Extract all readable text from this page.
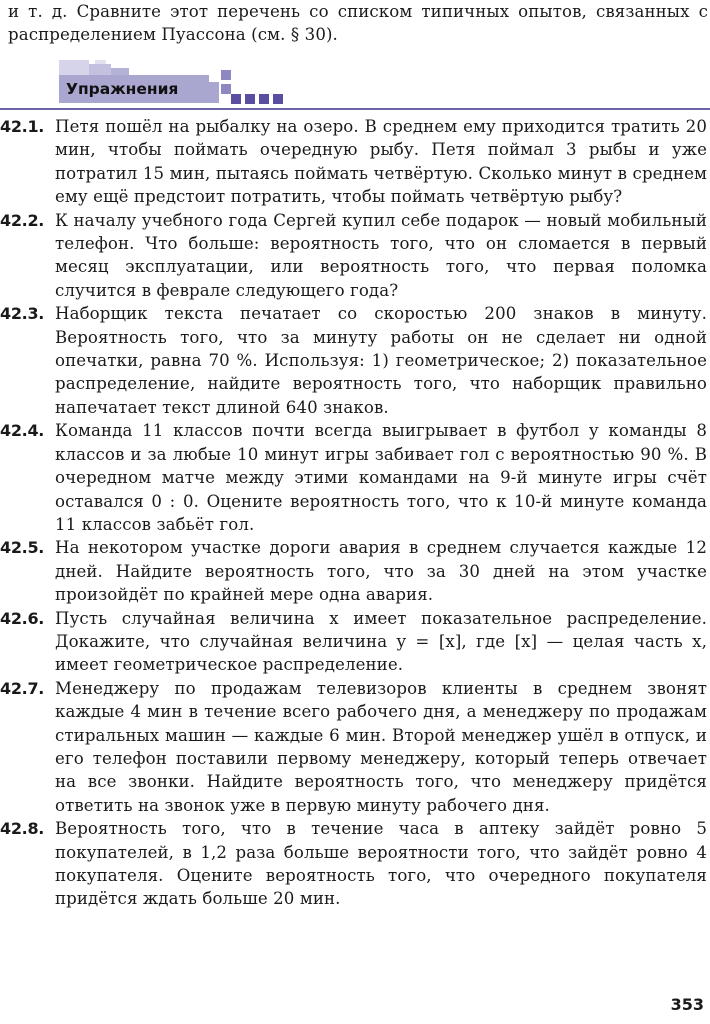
и т. д. Сравните этот перечень со списком типичных опытов, связанных с распределением Пуассона (см. § 30).
Упражнения
42.1. Петя пошёл на рыбалку на озеро. В среднем ему приходится тратить 20 мин, чтобы поймать очередную рыбу. Петя поймал 3 рыбы и уже потратил 15 мин, пытаясь поймать четвёртую. Сколько минут в среднем ему ещё предстоит потратить, чтобы поймать четвёртую рыбу?
42.2. К началу учебного года Сергей купил себе подарок — новый мобильный телефон. Что больше: вероятность того, что он сломается в первый месяц эксплуатации, или вероятность того, что первая поломка случится в феврале следующего года?
42.3. Наборщик текста печатает со скоростью 200 знаков в минуту. Вероятность того, что за минуту работы он не сделает ни одной опечатки, равна 70 %. Используя: 1) геометрическое; 2) показательное распределение, найдите вероятность того, что наборщик правильно напечатает текст длиной 640 знаков.
42.4. Команда 11 классов почти всегда выигрывает в футбол у команды 8 классов и за любые 10 минут игры забивает гол с вероятностью 90 %. В очередном матче между этими командами на 9-й минуте игры счёт оставался 0 : 0. Оцените вероятность того, что к 10-й минуте команда 11 классов забьёт гол.
42.5. На некотором участке дороги авария в среднем случается каждые 12 дней. Найдите вероятность того, что за 30 дней на этом участке произойдёт по крайней мере одна авария.
42.6. Пусть случайная величина x имеет показательное распределение. Докажите, что случайная величина y = [x], где [x] — целая часть x, имеет геометрическое распределение.
42.7. Менеджеру по продажам телевизоров клиенты в среднем звонят каждые 4 мин в течение всего рабочего дня, а менеджеру по продажам стиральных машин — каждые 6 мин. Второй менеджер ушёл в отпуск, и его телефон поставили первому менеджеру, который теперь отвечает на все звонки. Найдите вероятность того, что менеджеру придётся ответить на звонок уже в первую минуту рабочего дня.
42.8. Вероятность того, что в течение часа в аптеку зайдёт ровно 5 покупателей, в 1,2 раза больше вероятности того, что зайдёт ровно 4 покупателя. Оцените вероятность того, что очередного покупателя придётся ждать больше 20 мин.
353
